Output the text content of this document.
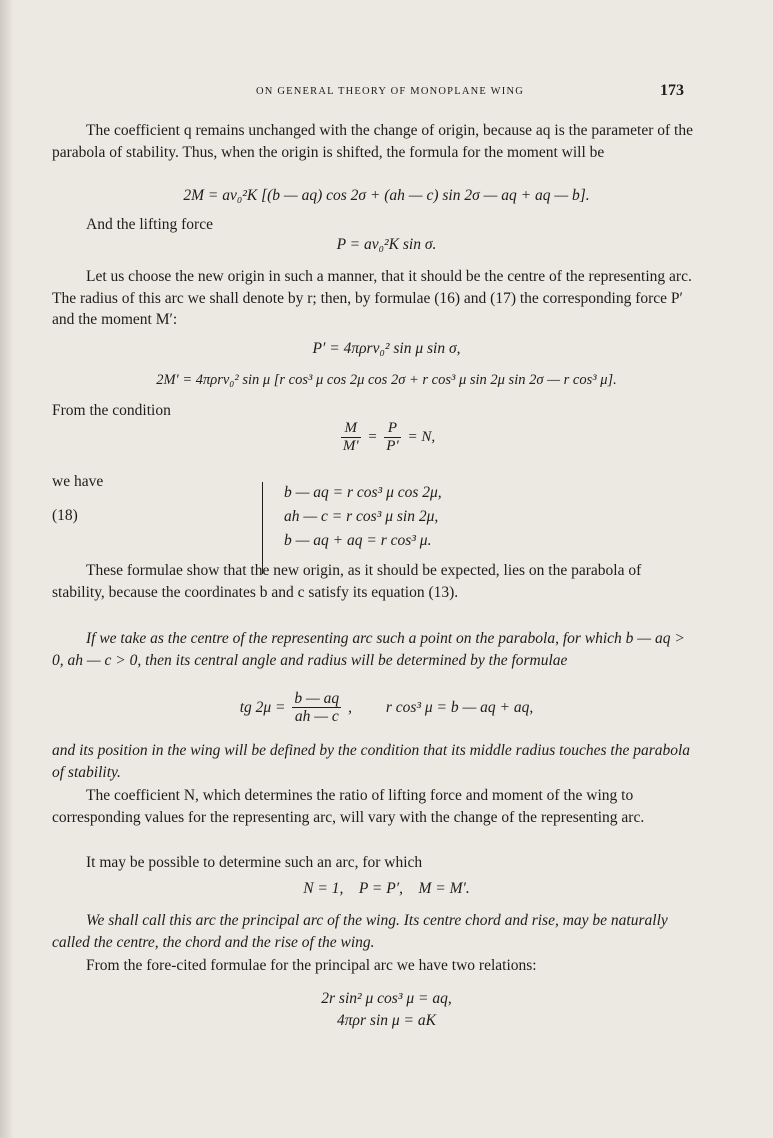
ON GENERAL THEORY OF MONOPLANE WING	173

The coefficient q remains unchanged with the change of origin, because aq is the parameter of the parabola of stability. Thus, when the origin is shifted, the formula for the moment will be

2M = av₀²K [(b — aq) cos 2σ + (ah — c) sin 2σ — aq + aq — b].

And the lifting force

P = av₀²K sin σ.

Let us choose the new origin in such a manner, that it should be the centre of the representing arc. The radius of this arc we shall denote by r; then, by formulae (16) and (17) the corresponding force P′ and the moment M′:

P′ = 4πρrv₀² sin μ sin σ,
2M′ = 4πρrv₀² sin μ [r cos³ μ cos 2μ cos 2σ + r cos³ μ sin 2μ sin 2σ — r cos³ μ].

From the condition

$\frac{M}{M'} = \frac{P}{P'} = N$,

we have

(18)
b — aq = r cos³ μ cos 2μ,
ah — c = r cos³ μ sin 2μ,
b — aq + aq = r cos³ μ.

These formulae show that the new origin, as it should be expected, lies on the parabola of stability, because the coordinates b and c satisfy its equation (13).

If we take as the centre of the representing arc such a point on the parabola, for which b — aq > 0, ah — c > 0, then its central angle and radius will be determined by the formulae

tg $2\mu = \frac{b — aq}{ah — c}$ , r cos³ μ = b — aq + aq,

and its position in the wing will be defined by the condition that its middle radius touches the parabola of stability.

The coefficient N, which determines the ratio of lifting force and moment of the wing to corresponding values for the representing arc, will vary with the change of the representing arc.

It may be possible to determine such an arc, for which

N = 1,    P = P′,    M = M′.

We shall call this arc the principal arc of the wing. Its centre chord and rise, may be naturally called the centre, the chord and the rise of the wing.

From the fore-cited formulae for the principal arc we have two relations:

2r sin² μ cos³ μ = aq,
4πρr sin μ = aK
